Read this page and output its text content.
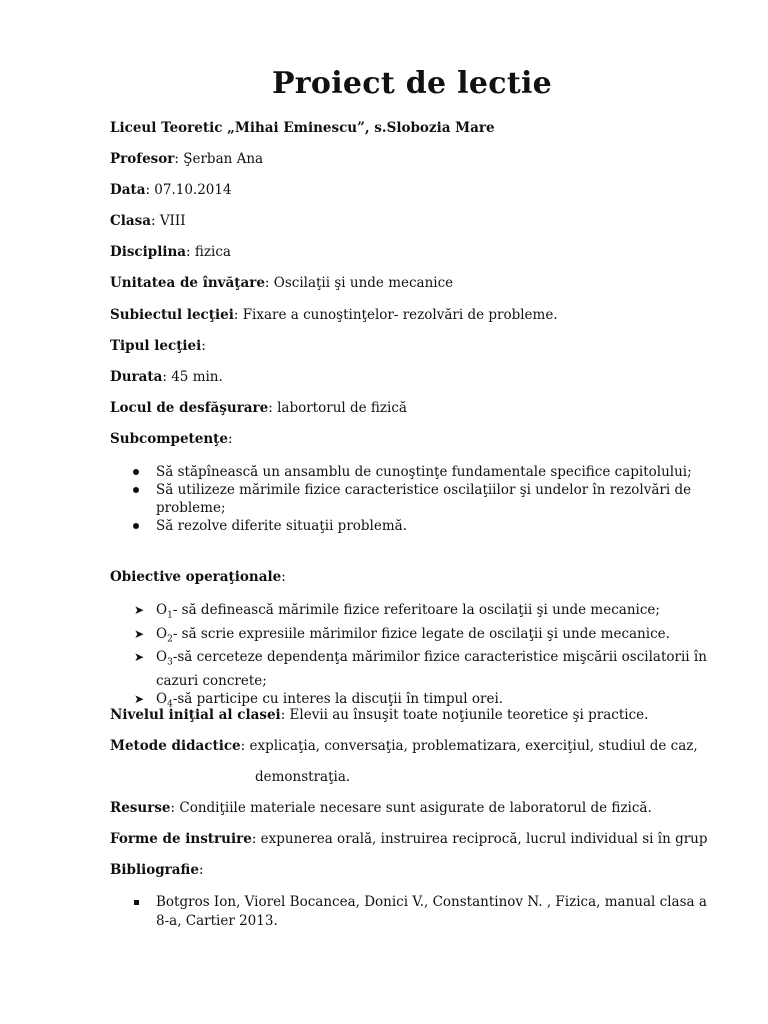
Proiect de lectie
Liceul Teoretic „Mihai Eminescu”, s.Slobozia Mare
Profesor: Şerban Ana
Data: 07.10.2014
Clasa: VIII
Disciplina: fizica
Unitatea de învăţare: Oscilaţii şi unde mecanice
Subiectul lecţiei: Fixare a cunoştinţelor- rezolvări de probleme.
Tipul lecţiei:
Durata: 45 min.
Locul de desfăşurare: labortorul de fizică
Subcompetenţe:
Să stăpînească un ansamblu de cunoştinţe fundamentale specifice capitolului;
Să utilizeze mărimile fizice caracteristice oscilaţiilor şi undelor în rezolvări de probleme;
Să rezolve diferite situaţii problemă.
Obiective operaţionale:
➤ $O_1-$ să definească mărimile fizice referitoare la oscilaţii şi unde mecanice;
➤ $O_2-$ să scrie expresiile mărimilor fizice legate de oscilaţii şi unde mecanice.
➤ $O_3-să$ cerceteze dependenţa mărimilor fizice caracteristice mişcării oscilatorii în cazuri concrete;
➤ $O_4-să$ participe cu interes la discuţii în timpul orei.
Nivelul iniţial al clasei: Elevii au însuşit toate noţiunile teoretice şi practice.
Metode didactice: explicaţia, conversaţia, problematizara, exerciţiul, studiul de caz,
demonstraţia.
Resurse: Condiţiile materiale necesare sunt asigurate de laboratorul de fizică.
Forme de instruire: expunerea orală, instruirea reciprocă, lucrul individual si în grup
Bibliografie:
Botgros Ion, Viorel Bocancea, Donici V., Constantinov N. , Fizica, manual clasa a 8-a, Cartier 2013.
